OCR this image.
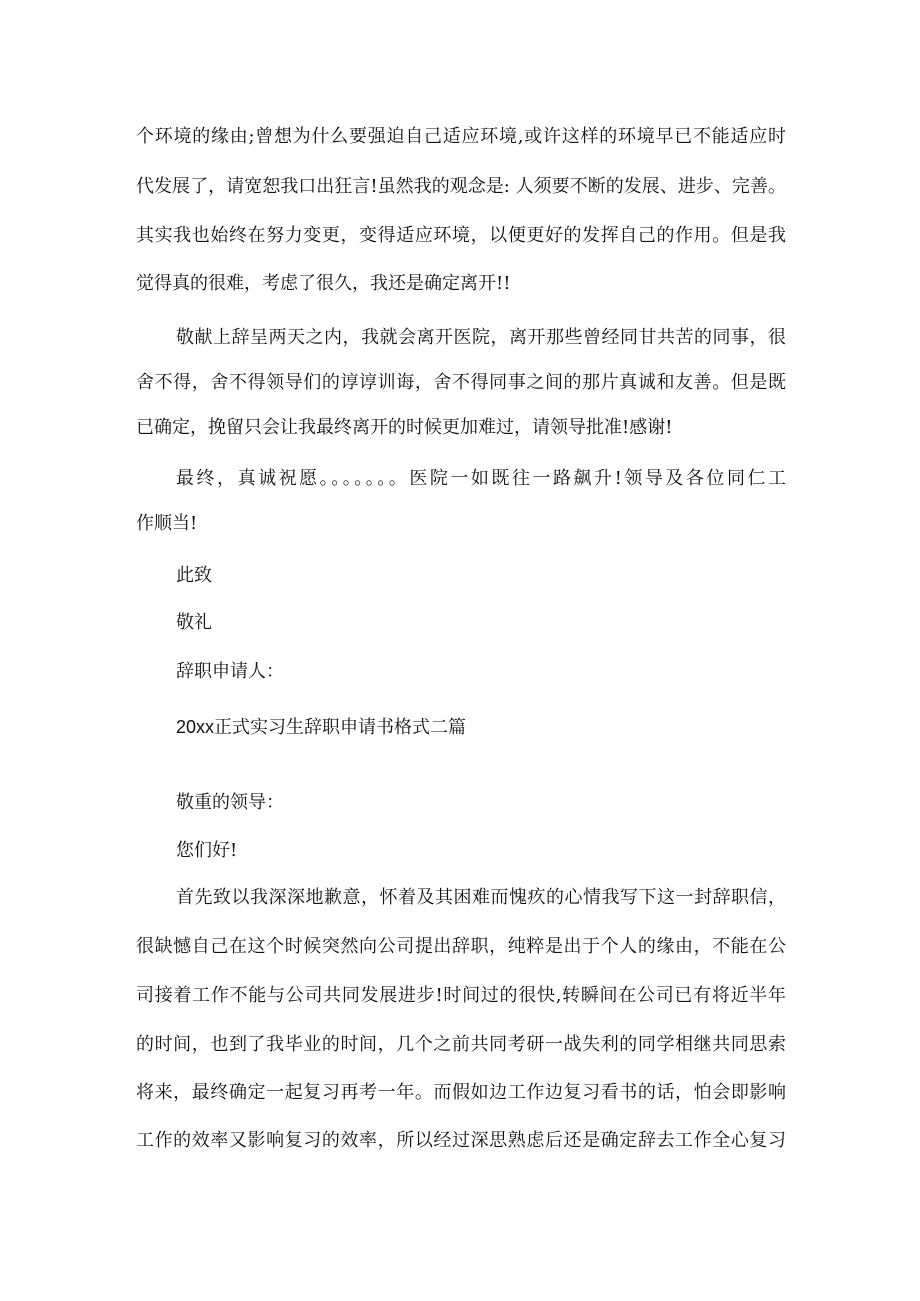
个环境的缘由;曾想为什么要强迫自己适应环境,或许这样的环境早已不能适应时
代发展了，请宽恕我口出狂言!虽然我的观念是: 人须要不断的发展、进步、完善。
其实我也始终在努力变更，变得适应环境，以便更好的发挥自己的作用。但是我
觉得真的很难，考虑了很久，我还是确定离开!!
敬献上辞呈两天之内，我就会离开医院，离开那些曾经同甘共苦的同事，很
舍不得，舍不得领导们的谆谆训诲，舍不得同事之间的那片真诚和友善。但是既
已确定，挽留只会让我最终离开的时候更加难过，请领导批准!感谢!
最终，真诚祝愿。。。。。。。医院一如既往一路飙升!领导及各位同仁工
作顺当!
此致
敬礼
辞职申请人：
20xx正式实习生辞职申请书格式二篇
敬重的领导：
您们好!
首先致以我深深地歉意，怀着及其困难而愧疚的心情我写下这一封辞职信，
很缺憾自己在这个时候突然向公司提出辞职，纯粹是出于个人的缘由，不能在公
司接着工作不能与公司共同发展进步!时间过的很快,转瞬间在公司已有将近半年
的时间，也到了我毕业的时间，几个之前共同考研一战失利的同学相继共同思索
将来，最终确定一起复习再考一年。而假如边工作边复习看书的话，怕会即影响
工作的效率又影响复习的效率，所以经过深思熟虑后还是确定辞去工作全心复习
